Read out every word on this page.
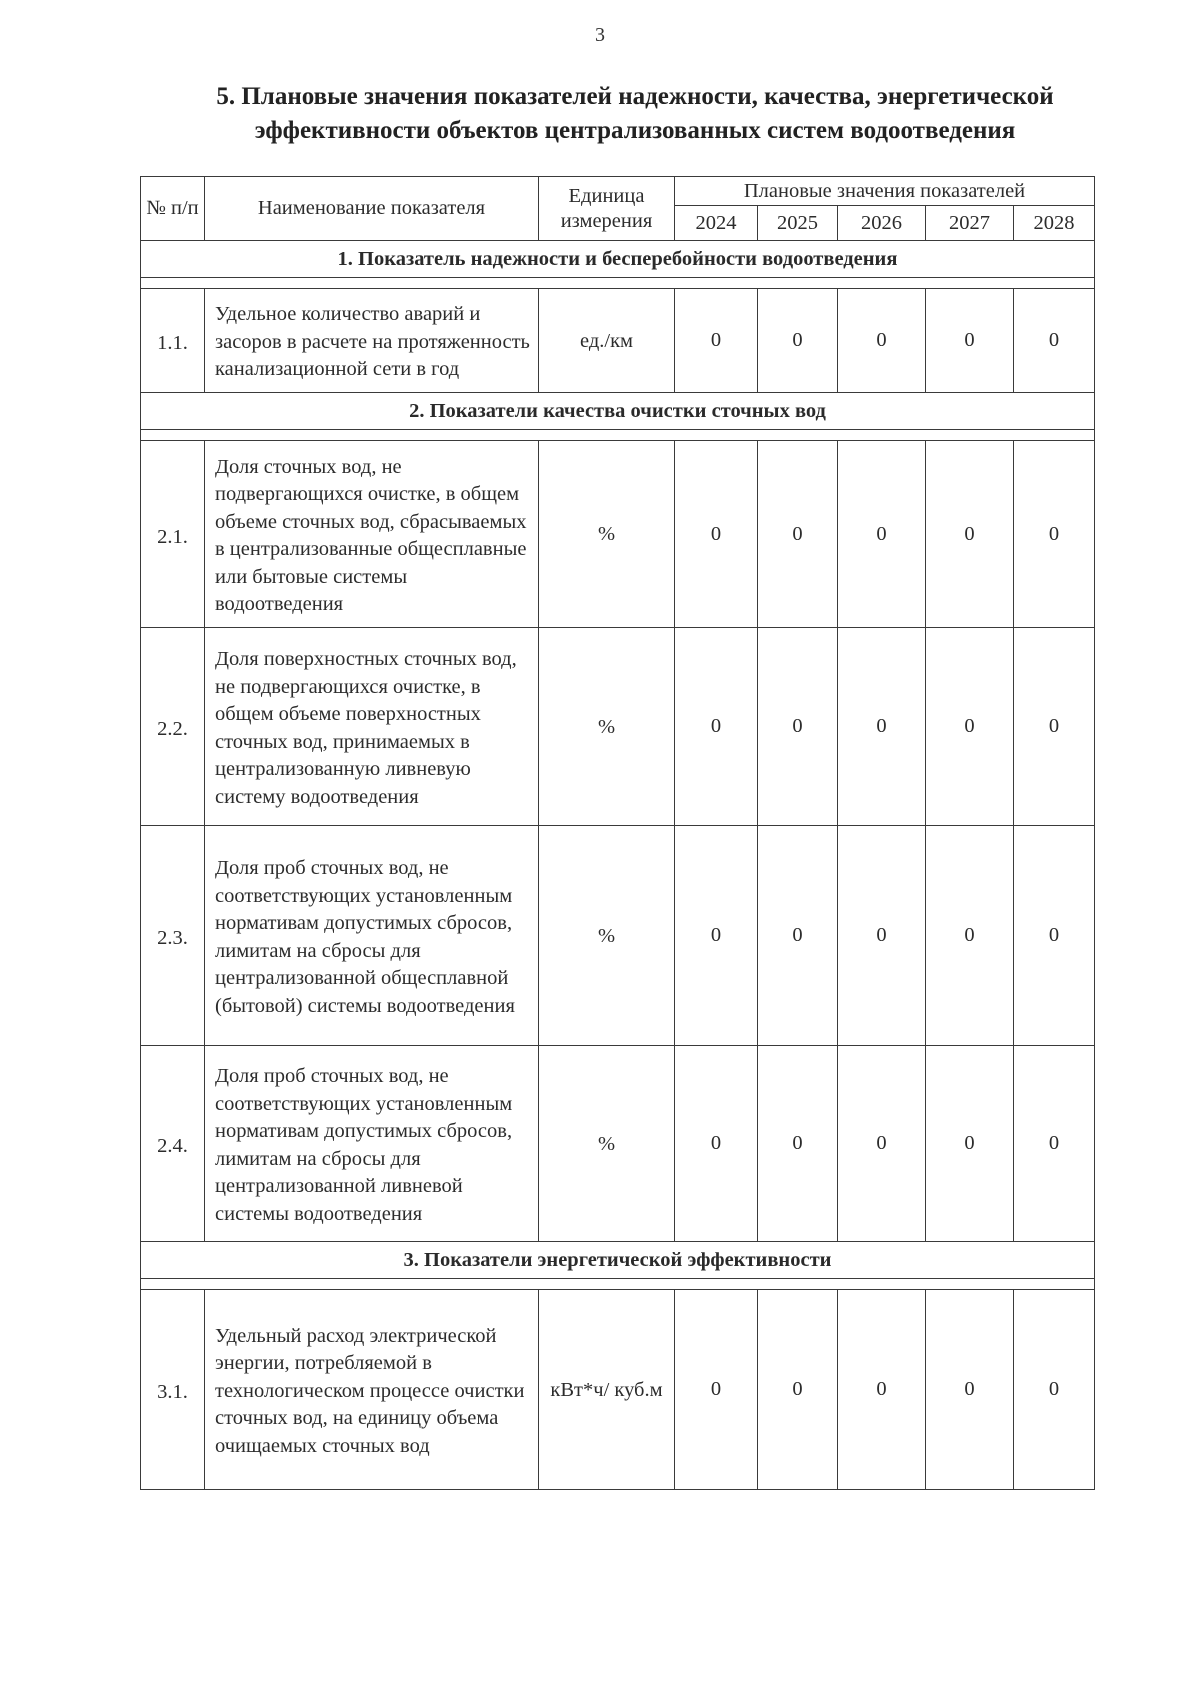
3
5. Плановые значения показателей надежности, качества, энергетической эффективности объектов централизованных систем водоотведения
№ п/п	Наименование показателя	Единица измерения	Плановые значения показателей				
			2024	2025	2026	2027	2028
1. Показатель надежности и бесперебойности водоотведения							

1.1.	Удельное количество аварий и засоров в расчете на протяженность канализационной сети в год	ед./км	0	0	0	0	0
2. Показатели качества очистки сточных вод							

2.1.	Доля сточных вод, не подвергающихся очистке, в общем объеме сточных вод, сбрасываемых в централизованные общесплавные или бытовые системы водоотведения	%	0	0	0	0	0
2.2.	Доля поверхностных сточных вод, не подвергающихся очистке, в общем объеме поверхностных сточных вод, принимаемых в централизованную ливневую систему водоотведения	%	0	0	0	0	0
2.3.	Доля проб сточных вод, не соответствующих установленным нормативам допустимых сбросов, лимитам на сбросы для централизованной общесплавной (бытовой) системы водоотведения	%	0	0	0	0	0
2.4.	Доля проб сточных вод, не соответствующих установленным нормативам допустимых сбросов, лимитам на сбросы для централизованной ливневой системы водоотведения	%	0	0	0	0	0
3. Показатели энергетической эффективности							

3.1.	Удельный расход электрической энергии, потребляемой в технологическом процессе очистки сточных вод, на единицу объема очищаемых сточных вод	кВт*ч/ куб.м	0	0	0	0	0
